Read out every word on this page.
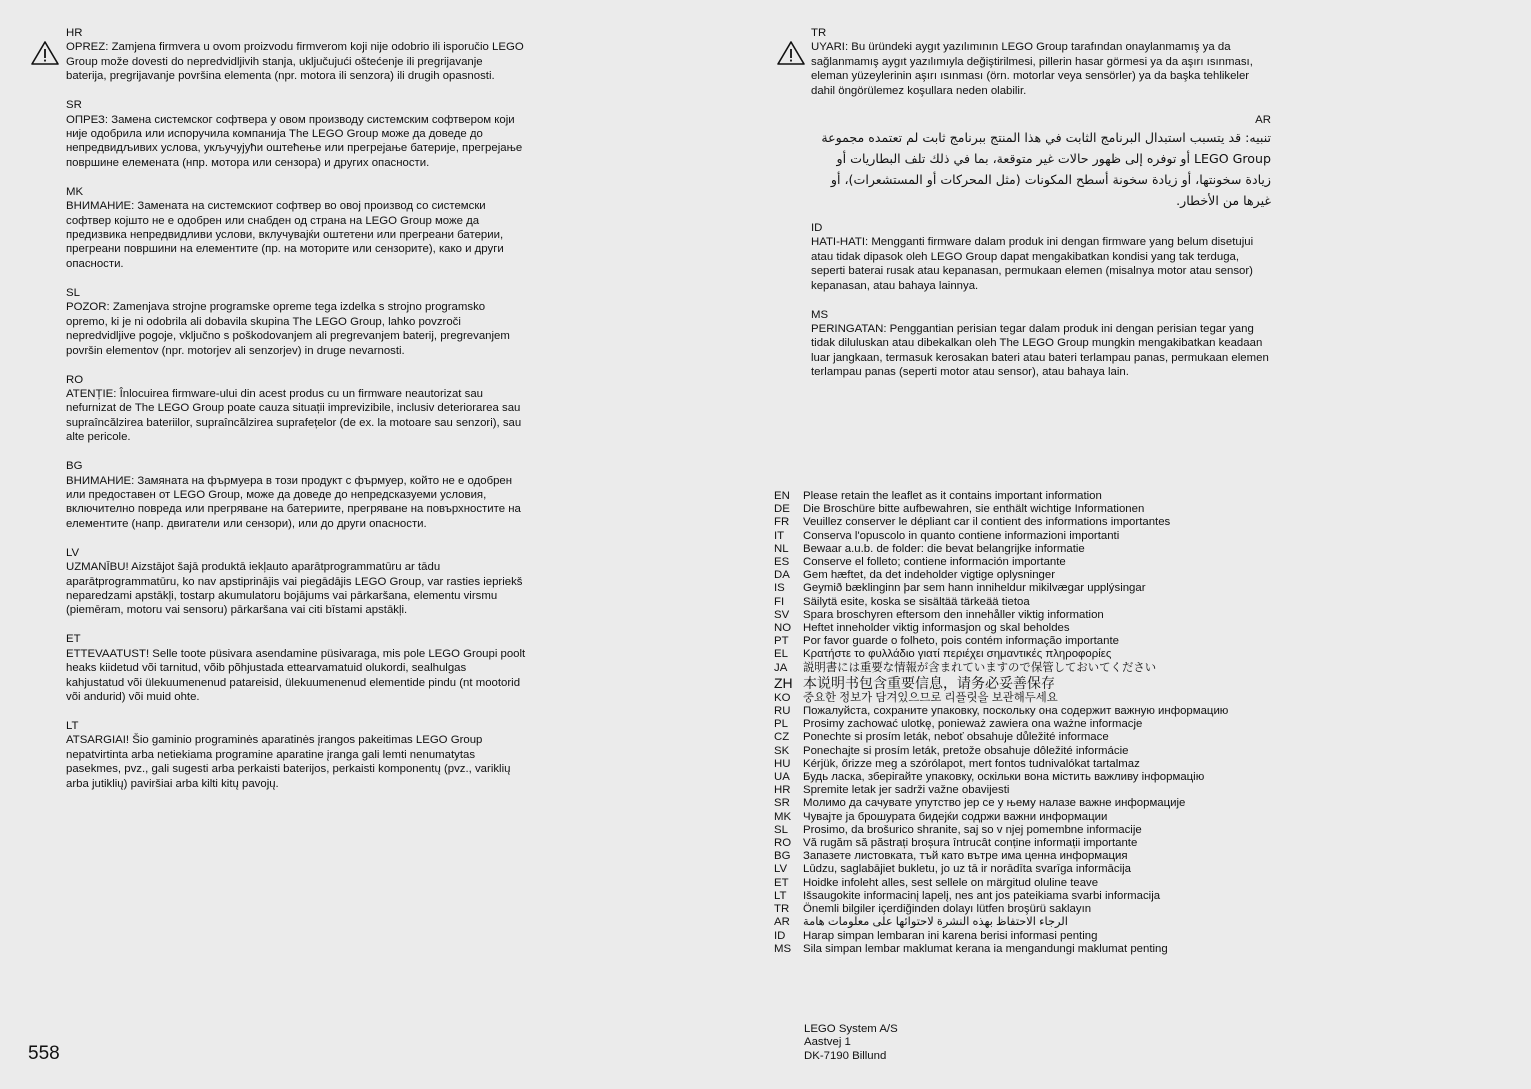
HR
OPREZ: Zamjena firmvera u ovom proizvodu firmverom koji nije odobrio ili isporučio LEGO Group može dovesti do nepredvidljivih stanja, uključujući oštećenje ili pregrijavanje baterija, pregrijavanje površina elementa (npr. motora ili senzora) ili drugih opasnosti.
SR
ОПРЕЗ: Замена системског софтвера у овом производу системским софтвером који није одобрила или испоручила компанија The LEGO Group може да доведе до непредвидљивих услова, укључујући оштећење или прегрејање батерије, прегрејање површине елемената (нпр. мотора или сензора) и других опасности.
MK
ВНИМАНИЕ: Замената на системскиот софтвер во овој производ со системски софтвер којшто не е одобрен или снабден од страна на LEGO Group може да предизвика непредвидливи услови, вклучувајќи оштетени или прегреани батерии, прегреани површини на елементите (пр. на моторите или сензорите), како и други опасности.
SL
POZOR: Zamenjava strojne programske opreme tega izdelka s strojno programsko opremo, ki je ni odobrila ali dobavila skupina The LEGO Group, lahko povzroči nepredvidljive pogoje, vključno s poškodovanjem ali pregrevanjem baterij, pregrevanjem površin elementov (npr. motorjev ali senzorjev) in druge nevarnosti.
RO
ATENȚIE: Înlocuirea firmware-ului din acest produs cu un firmware neautorizat sau nefurnizat de The LEGO Group poate cauza situații imprevizibile, inclusiv deteriorarea sau supraîncălzirea bateriilor, supraîncălzirea suprafețelor (de ex. la motoare sau senzori), sau alte pericole.
BG
ВНИМАНИЕ: Замяната на фърмуера в този продукт с фърмуер, който не е одобрен или предоставен от LEGO Group, може да доведе до непредсказуеми условия, включително повреда или прегряване на батериите, прегряване на повърхностите на елементите (напр. двигатели или сензори), или до други опасности.
LV
UZMANĪBU! Aizstājot šajā produktā iekļauto aparātprogrammatūru ar tādu aparātprogrammatūru, ko nav apstiprinājis vai piegādājis LEGO Group, var rasties iepriekš neparedzami apstākļi, tostarp akumulatoru bojājums vai pārkaršana, elementu virsmu (piemēram, motoru vai sensoru) pārkaršana vai citi bīstami apstākļi.
ET
ETTEVAATUST! Selle toote püsivara asendamine püsivaraga, mis pole LEGO Groupi poolt heaks kiidetud või tarnitud, võib põhjustada ettearvamatuid olukordi, sealhulgas kahjustatud või ülekuumenenud patareisid, ülekuumenenud elementide pindu (nt mootorid või andurid) või muid ohte.
LT
ATSARGIAI! Šio gaminio programinės aparatinės įrangos pakeitimas LEGO Group nepatvirtinta arba netiekiama programine aparatine įranga gali lemti nenumatytas pasekmes, pvz., gali sugesti arba perkaisti baterijos, perkaisti komponentų (pvz., variklių arba jutiklių) paviršiai arba kilti kitų pavojų.
TR
UYARI: Bu üründeki aygıt yazılımının LEGO Group tarafından onaylanmamış ya da sağlanmamış aygıt yazılımıyla değiştirilmesi, pillerin hasar görmesi ya da aşırı ısınması, eleman yüzeylerinin aşırı ısınması (örn. motorlar veya sensörler) ya da başka tehlikeler dahil öngörülemez koşullara neden olabilir.
AR
تنبيه: قد يتسبب استبدال البرنامج الثابت في هذا المنتج ببرنامج ثابت لم تعتمده مجموعة LEGO Group أو توفره إلى ظهور حالات غير متوقعة، بما في ذلك تلف البطاريات أو زيادة سخونتها، أو زيادة سخونة أسطح المكونات (مثل المحركات أو المستشعرات)، أو غيرها من الأخطار.
ID
HATI-HATI: Mengganti firmware dalam produk ini dengan firmware yang belum disetujui atau tidak dipasok oleh LEGO Group dapat mengakibatkan kondisi yang tak terduga, seperti baterai rusak atau kepanasan, permukaan elemen (misalnya motor atau sensor) kepanasan, atau bahaya lainnya.
MS
PERINGATAN: Penggantian perisian tegar dalam produk ini dengan perisian tegar yang tidak diluluskan atau dibekalkan oleh The LEGO Group mungkin mengakibatkan keadaan luar jangkaan, termasuk kerosakan bateri atau bateri terlampau panas, permukaan elemen terlampau panas (seperti motor atau sensor), atau bahaya lain.
EN	Please retain the leaflet as it contains important information
DE	Die Broschüre bitte aufbewahren, sie enthält wichtige Informationen
FR	Veuillez conserver le dépliant car il contient des informations importantes
IT	Conserva l'opuscolo in quanto contiene informazioni importanti
NL	Bewaar a.u.b. de folder: die bevat belangrijke informatie
ES	Conserve el folleto; contiene información importante
DA	Gem hæftet, da det indeholder vigtige oplysninger
IS	Geymið bæklinginn þar sem hann inniheldur mikilvægar upplýsingar
FI	Säilytä esite, koska se sisältää tärkeää tietoa
SV	Spara broschyren eftersom den innehåller viktig information
NO	Heftet inneholder viktig informasjon og skal beholdes
PT	Por favor guarde o folheto, pois contém informação importante
EL	Κρατήστε το φυλλάδιο γιατί περιέχει σημαντικές πληροφορίες
JA	説明書には重要な情報が含まれていますので保管しておいてください
ZH 本说明书包含重要信息，请务必妥善保存
KO	중요한 정보가 담겨있으므로 리플릿을 보관해두세요
RU	Пожалуйста, сохраните упаковку, поскольку она содержит важную информацию
PL	Prosimy zachować ulotkę, ponieważ zawiera ona ważne informacje
CZ	Ponechte si prosím leták, neboť obsahuje důležité informace
SK	Ponechajte si prosím leták, pretože obsahuje dôležité informácie
HU	Kérjük, őrizze meg a szórólapot, mert fontos tudnivalókat tartalmaz
UA	Будь ласка, зберігайте упаковку, оскільки вона містить важливу інформацію
HR	Spremite letak jer sadrži važne obavijesti
SR	Молимо да сачувате упутство јер се у њему налазе важне информације
MK	Чувајте ја брошурата бидејќи содржи важни информации
SL	Prosimo, da brošurico shranite, saj so v njej pomembne informacije
RO	Vă rugăm să păstrați broșura întrucât conține informații importante
BG	Запазете листовката, тъй като вътре има ценна информация
LV	Lūdzu, saglabājiet bukletu, jo uz tā ir norādīta svarīga informācija
ET	Hoidke infoleht alles, sest sellele on märgitud oluline teave
LT	Išsaugokite informacinį lapelį, nes ant jos pateikiama svarbi informacija
TR	Önemli bilgiler içerdiğinden dolayı lütfen broşürü saklayın
AR	الرجاء الاحتفاظ بهذه النشرة لاحتوائها على معلومات هامة
ID	Harap simpan lembaran ini karena berisi informasi penting
MS	Sila simpan lembar maklumat kerana ia mengandungi maklumat penting
LEGO System A/S
Aastvej 1
DK-7190 Billund
558
